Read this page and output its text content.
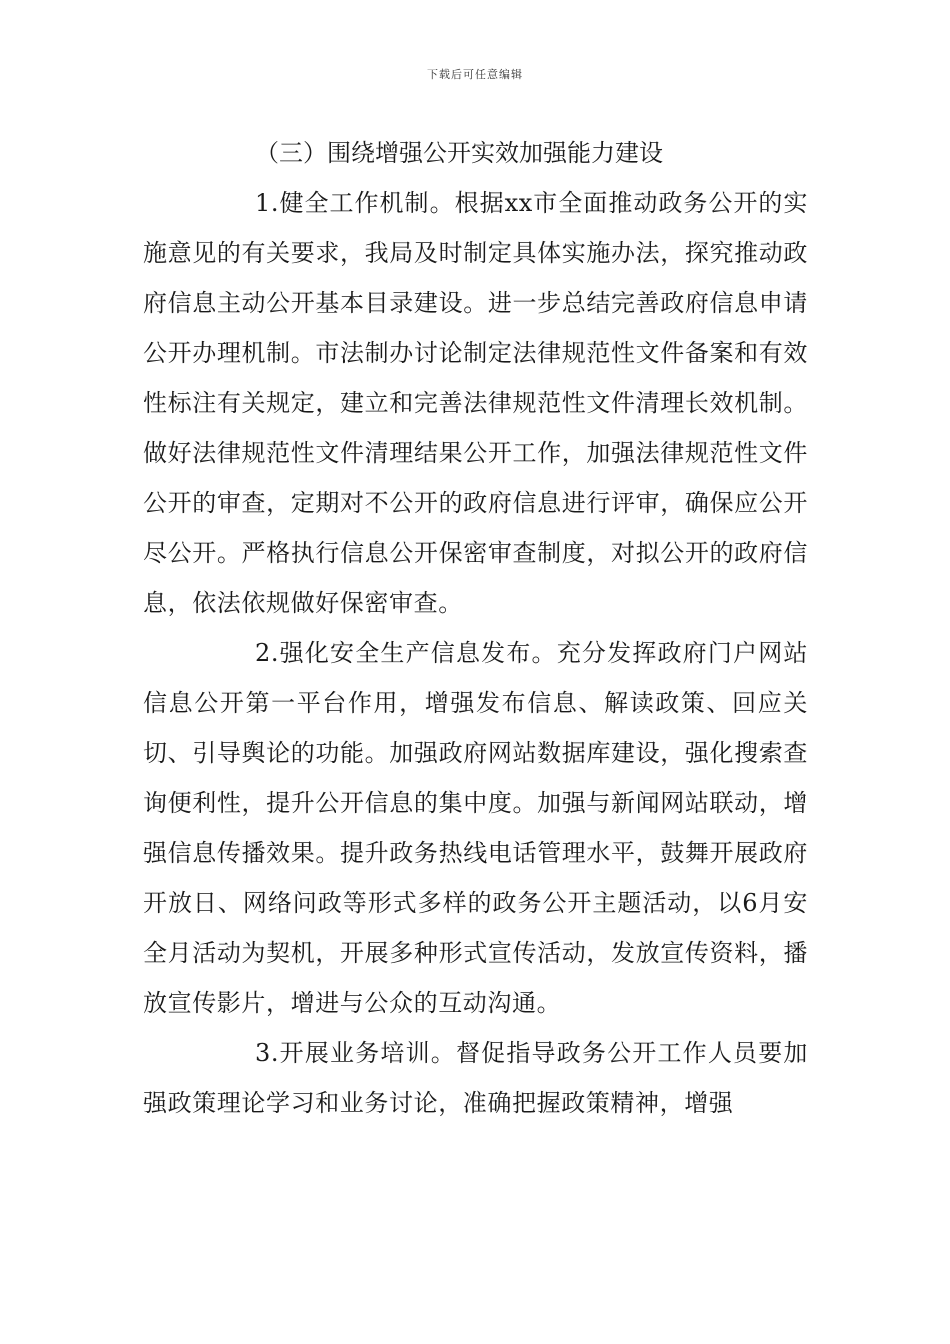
下载后可任意编辑
（三）围绕增强公开实效加强能力建设

1.健全工作机制。根据xx市全面推动政务公开的实施意见的有关要求，我局及时制定具体实施办法，探究推动政府信息主动公开基本目录建设。进一步总结完善政府信息申请公开办理机制。市法制办讨论制定法律规范性文件备案和有效性标注有关规定，建立和完善法律规范性文件清理长效机制。做好法律规范性文件清理结果公开工作，加强法律规范性文件公开的审查，定期对不公开的政府信息进行评审，确保应公开尽公开。严格执行信息公开保密审查制度，对拟公开的政府信息，依法依规做好保密审查。

2.强化安全生产信息发布。充分发挥政府门户网站信息公开第一平台作用，增强发布信息、解读政策、回应关切、引导舆论的功能。加强政府网站数据库建设，强化搜索查询便利性，提升公开信息的集中度。加强与新闻网站联动，增强信息传播效果。提升政务热线电话管理水平，鼓舞开展政府开放日、网络问政等形式多样的政务公开主题活动，以6月安全月活动为契机，开展多种形式宣传活动，发放宣传资料，播放宣传影片，增进与公众的互动沟通。

3.开展业务培训。督促指导政务公开工作人员要加强政策理论学习和业务讨论，准确把握政策精神，增强
